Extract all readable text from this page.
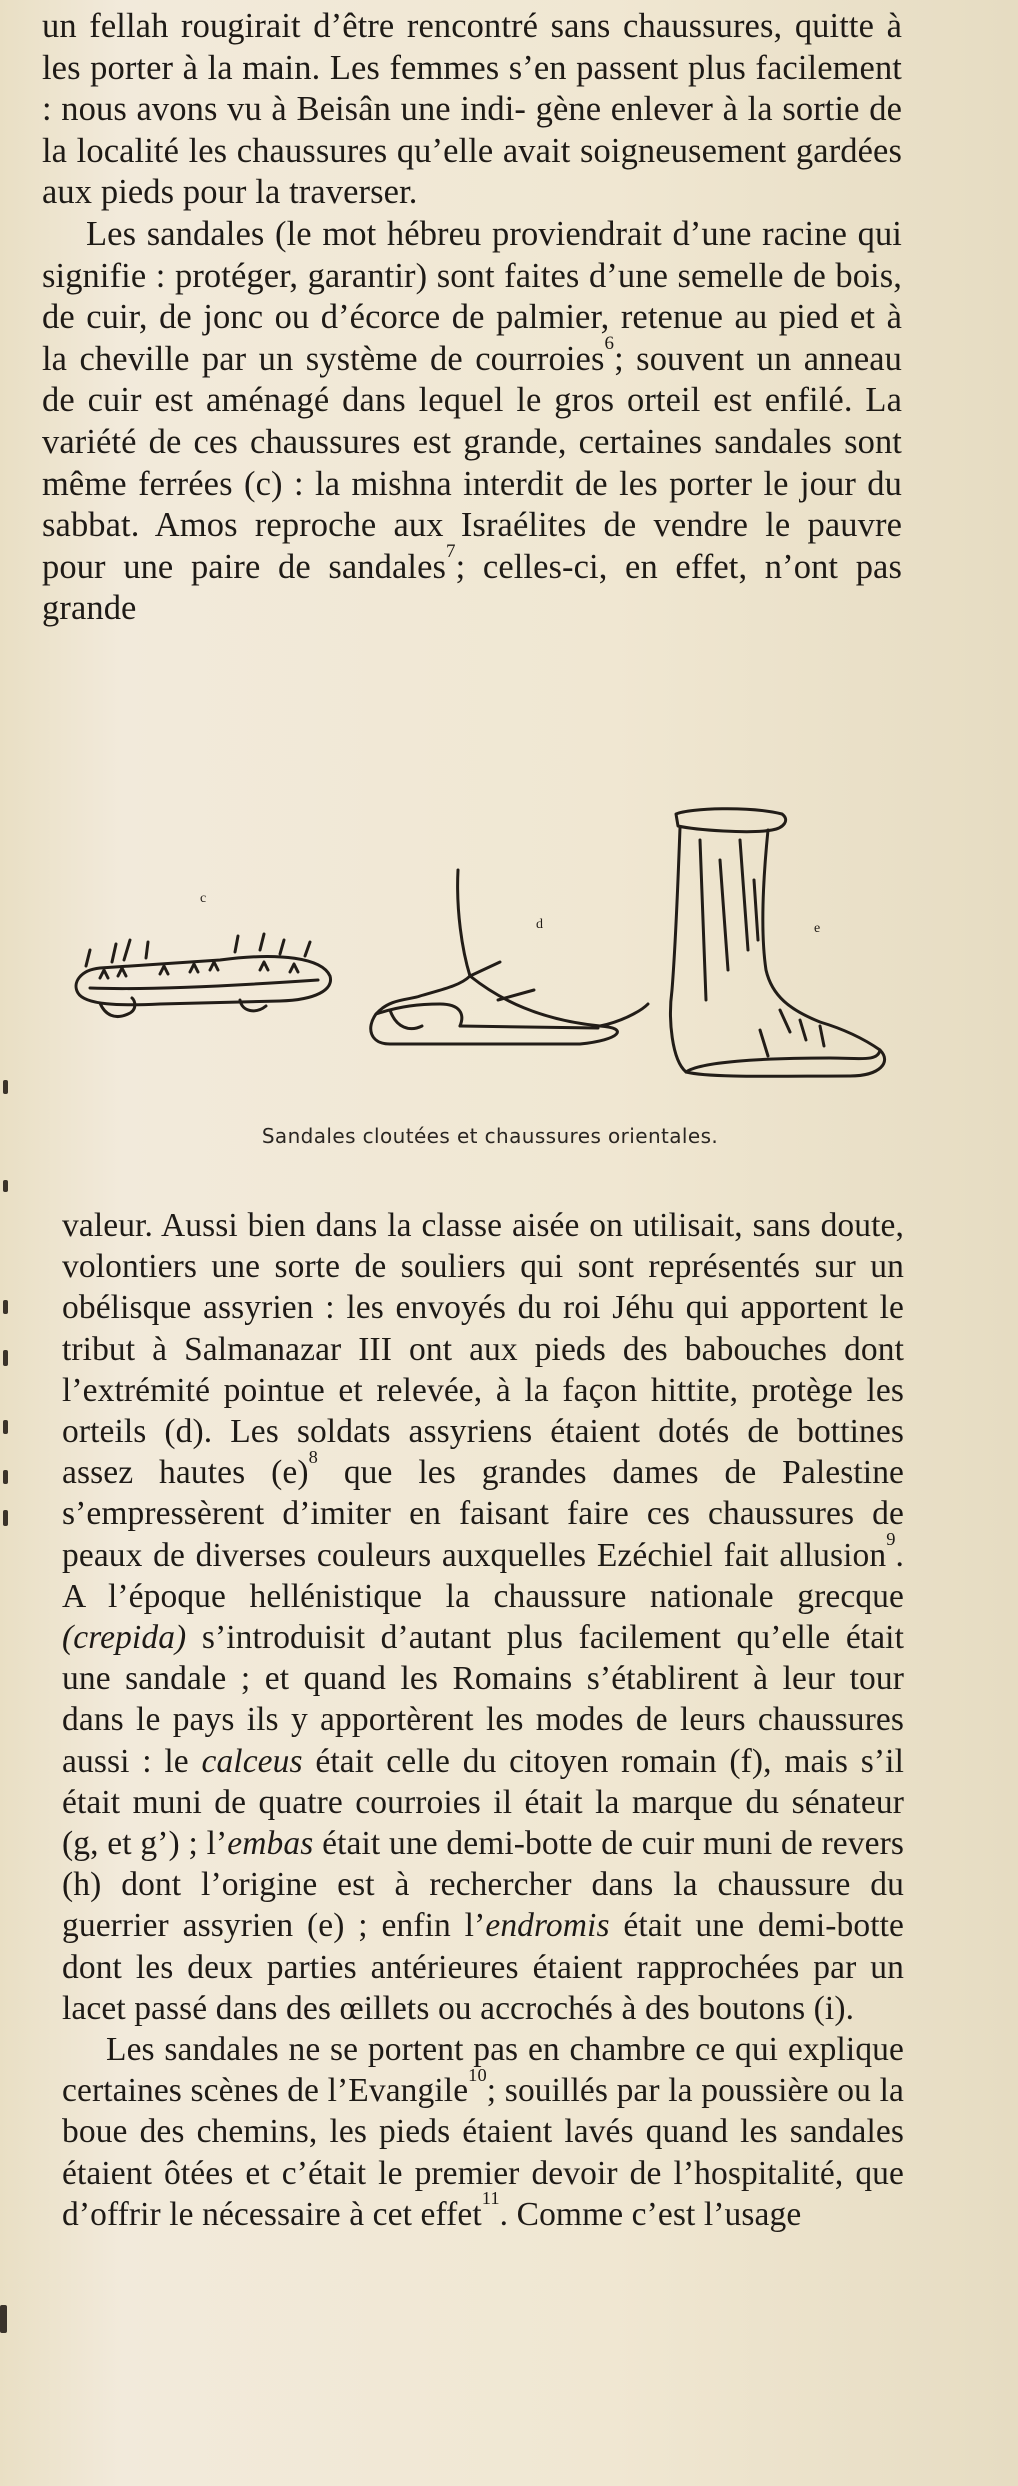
un fellah rougirait d’être rencontré sans chaussures, quitte à les porter à la main. Les femmes s’en passent plus facilement : nous avons vu à Beisân une indi- gène enlever à la sortie de la localité les chaussures qu’elle avait soigneusement gardées aux pieds pour la traverser.

Les sandales (le mot hébreu proviendrait d’une racine qui signifie : protéger, garantir) sont faites d’une semelle de bois, de cuir, de jonc ou d’écorce de palmier, retenue au pied et à la cheville par un système de courroies$^6$; souvent un anneau de cuir est aménagé dans lequel le gros orteil est enfilé. La variété de ces chaussures est grande, certaines sandales sont même ferrées (c) : la mishna interdit de les porter le jour du sabbat. Amos reproche aux Israélites de vendre le pauvre pour une paire de sandales$^7$; celles-ci, en effet, n’ont pas grande

c
d	e
Sandales cloutées et chaussures orientales.

valeur. Aussi bien dans la classe aisée on utilisait, sans doute, volontiers une sorte de souliers qui sont représentés sur un obélisque assyrien : les envoyés du roi Jéhu qui apportent le tribut à Salmanazar III ont aux pieds des babouches dont l’extrémité pointue et relevée, à la façon hittite, protège les orteils (d). Les soldats assyriens étaient dotés de bottines assez hautes $(e)^8$ que les grandes dames de Palestine s’empressèrent d’imiter en faisant faire ces chaussures de peaux de diverses couleurs auxquelles Ezéchiel fait allusion$^9$. A l’époque hellénistique la chaussure nationale grecque (crepida) s’introduisit d’autant plus facilement qu’elle était une sandale ; et quand les Romains s’établirent à leur tour dans le pays ils y apportèrent les modes de leurs chaussures aussi : le calceus était celle du citoyen romain (f), mais s’il était muni de quatre courroies il était la marque du sénateur (g, et g’) ; l’embas était une demi-botte de cuir muni de revers (h) dont l’origine est à rechercher dans la chaussure du guerrier assyrien (e) ; enfin l’endromis était une demi-botte dont les deux parties antérieures étaient rapprochées par un lacet passé dans des œillets ou accrochés à des boutons (i).

Les sandales ne se portent pas en chambre ce qui explique certaines scènes de l’Evangile$^{10}$; souillés par la poussière ou la boue des chemins, les pieds étaient lavés quand les sandales étaient ôtées et c’était le premier devoir de l’hospitalité, que d’offrir le nécessaire à cet effet$^{11}$. Comme c’est l’usage
